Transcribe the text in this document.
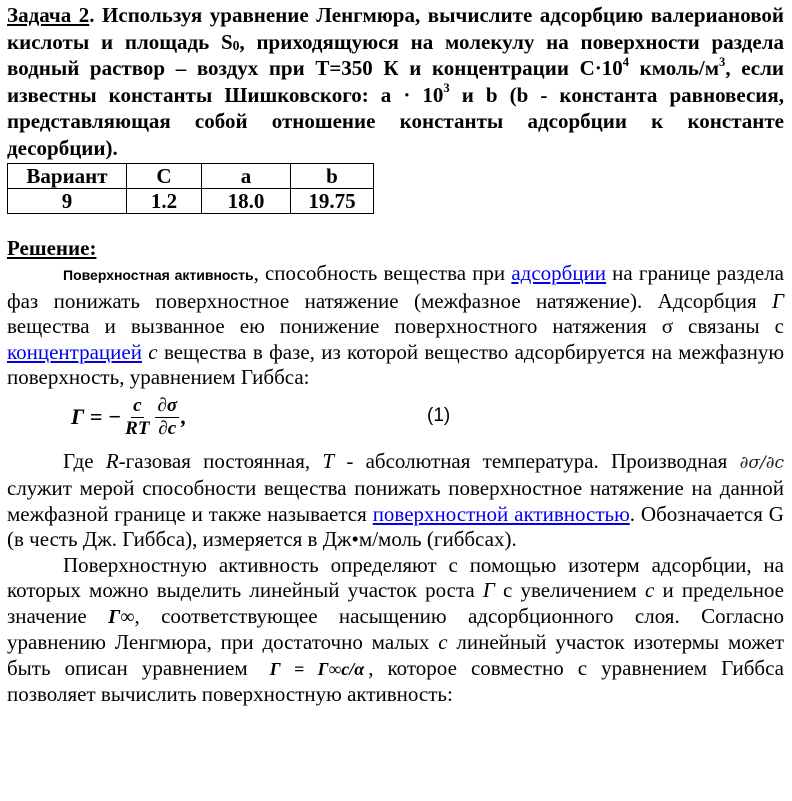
Задача 2. Используя уравнение Ленгмюра, вычислите адсорбцию валериановой кислоты и площадь $S_0$, приходящуюся на молекулу на поверхности раздела водный раствор – воздух при Т=350 К и концентрации $С\cdot 10^4$ кмоль/$м^3$, если известны константы Шишковского: $а \cdot 10^3$ и b (b - константа равновесия, представляющая собой отношение константы адсорбции к константе десорбции).

Вариант	C	a	b
9	1.2	18.0	19.75
Решение:

Поверхностная активность, способность вещества при адсорбции на границе раздела фаз понижать поверхностное натяжение (межфазное натяжение). Адсорбция Г вещества и вызванное ею понижение поверхностного натяжения σ связаны с концентрацией c вещества в фазе, из которой вещество адсорбируется на межфазную поверхность, уравнением Гиббса:

Г = − $\frac{c}{RT} \frac{\partial\sigma}{\partial c}$ ,	(1)

Где R-газовая постоянная, T - абсолютная температура. Производная ∂σ/∂c служит мерой способности вещества понижать поверхностное натяжение на данной межфазной границе и также называется поверхностной активностью. Обозначается G (в честь Дж. Гиббса), измеряется в Дж•м/моль (гиббсах).

Поверхностную активность определяют с помощью изотерм адсорбции, на которых можно выделить линейный участок роста Г с увеличением c и предельное значение Г∞, соответствующее насыщению адсорбционного слоя. Согласно уравнению Ленгмюра, при достаточно малых c линейный участок изотермы может быть описан уравнением Г = Г∞c/α , которое совместно с уравнением Гиббса позволяет вычислить поверхностную активность:
